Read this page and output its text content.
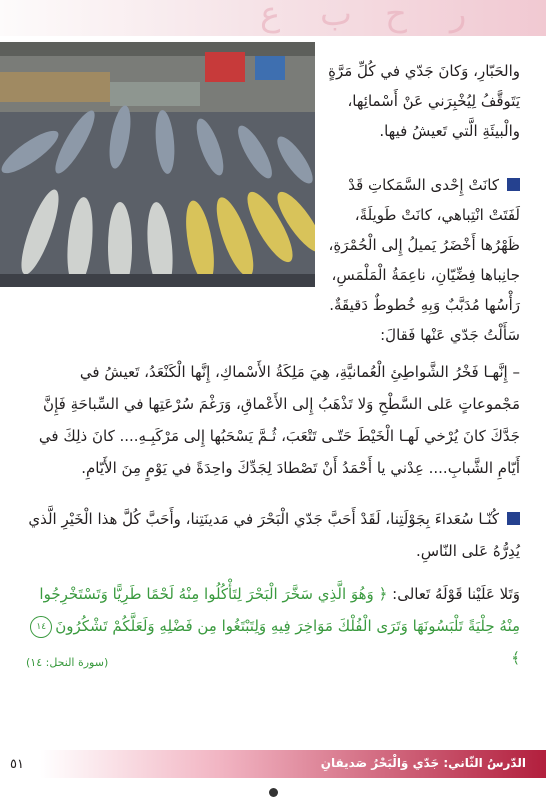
ع ب ح ر

والحَبّارِ، وَكانَ جَدّي في كُلِّ مَرَّةٍ يَتَوقَّفُ لِيُخْبِرَني عَنْ أَسْمائِها، والْبيئَةِ الَّتي تَعيشُ فيها.

كانَتْ إِحْدى السَّمَكاتِ قَدْ لَفَتَتْ انْتِباهي، كانَتْ طَويلَةً، ظَهْرُها أَخْضَرُ يَميلُ إِلى الْحُمْرَةِ، جانِباها فِضِّيّانِ، ناعِمَةُ الْمَلْمَسِ، رَأْسُها مُدَبَّبٌ وَبِهِ خُطوطٌ دَقيقَةٌ. سَأَلْتُ جَدّي عَنْها فَقالَ:

– إِنَّهـا فَخْرُ الشَّواطِئِ الْعُمانيَّةِ، هِيَ مَلِكَةُ الأَسْماكِ، إِنَّها الْكَنْعَدُ، تَعيشُ في مَجْموعاتٍ عَلى السَّطْحِ وَلا تَذْهَبُ إِلى الأَعْماقِ، وَرَغْمَ سُرْعَتِها في السِّباحَةِ فَإِنَّ جَدَّكَ كانَ يُرْخي لَهـا الْخَيْطَ حَتّـى تَتْعَبَ، ثُـمَّ يَسْحَبُها إِلى مَرْكَبِـهِ.... كانَ ذلِكَ في أَيّامِ الشَّبابِ.... عِدْني يا أَحْمَدُ أَنْ تَصْطادَ لِجَدِّكَ واحِدَةً في يَوْمٍ مِنَ الأَيّامِ.

كُنّـا سُعَداءَ بِجَوْلَتِنا، لَقَدْ أَحَبَّ جَدّي الْبَحْرَ في مَدينَتِنا، وأَحَبَّ كُلَّ هذا الْخَيْرِ الَّذي يُدِرُّهُ عَلى النّاسِ.

وَتَلا عَلَيْنا قَوْلَهُ تَعالى: ﴿ وَهُوَ الَّذِي سَخَّرَ الْبَحْرَ لِتَأْكُلُوا مِنْهُ لَحْمًا طَرِيًّا وَتَسْتَخْرِجُوا مِنْهُ حِلْيَةً تَلْبَسُونَهَا وَتَرَى الْفُلْكَ مَوَاخِرَ فِيهِ وَلِتَبْتَغُوا مِن فَضْلِهِ وَلَعَلَّكُمْ تَشْكُرُونَ١٤﴾

(سورة النحل: ١٤)
الدّرسُ الثّاني: جَدّي وَالْبَحْرُ صَديقانِ
٥١
